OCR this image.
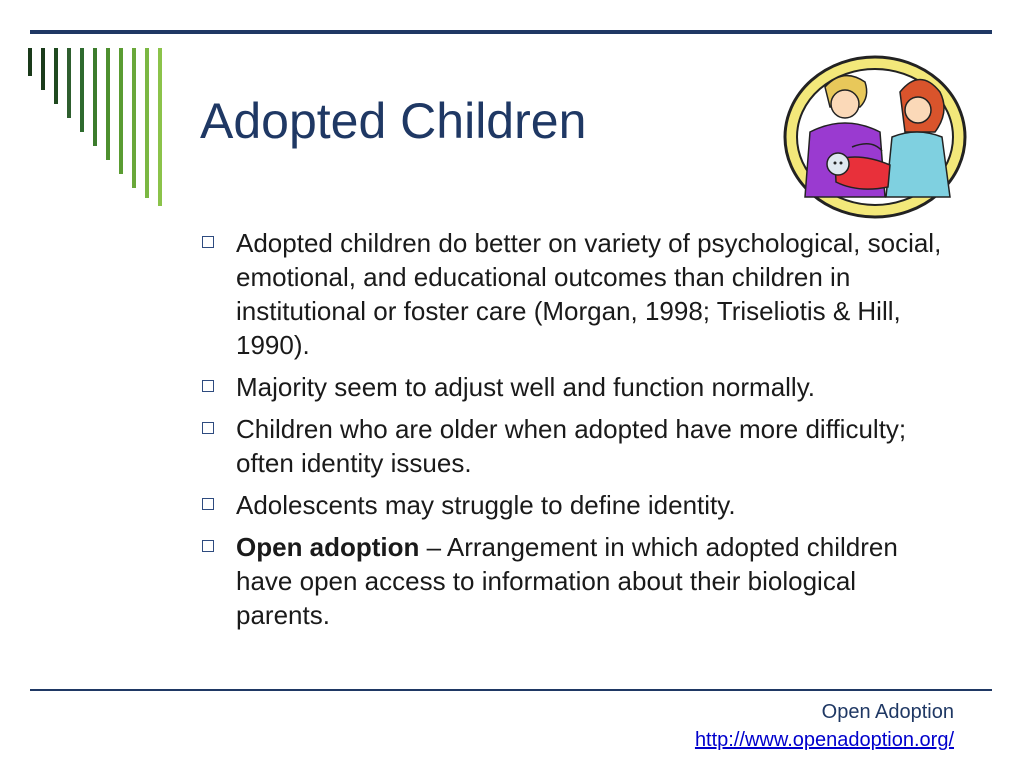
Adopted Children
Adopted children do better on variety of psychological, social, emotional, and educational outcomes than children in institutional or foster care (Morgan, 1998; Triseliotis & Hill, 1990).
Majority seem to adjust well and function normally.
Children who are older when adopted have more difficulty; often identity issues.
Adolescents may struggle to define identity.
Open adoption – Arrangement in which adopted children have open access to information about their biological parents.
Open Adoption
http://www.openadoption.org/
